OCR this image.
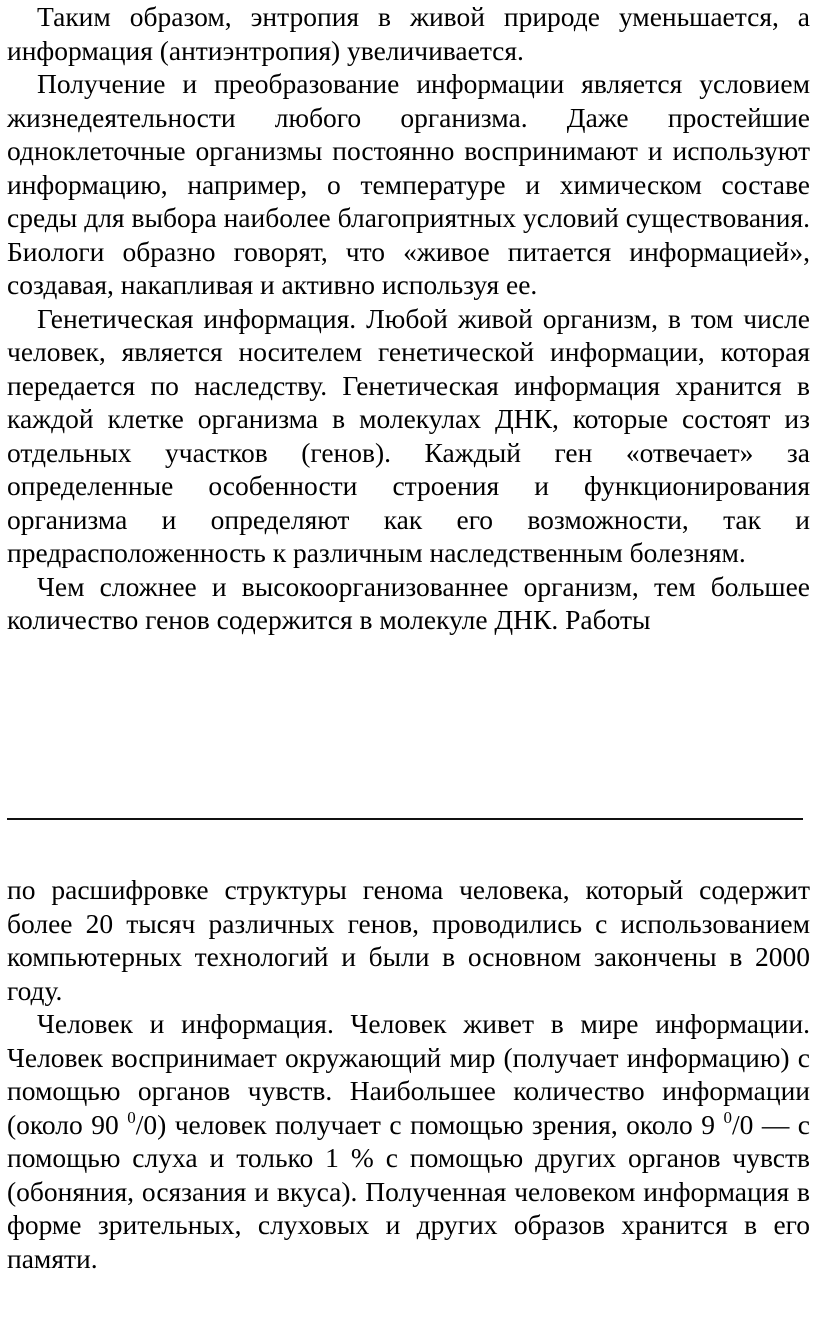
Таким образом, энтропия в живой природе уменьшается, а информация (антиэнтропия) увеличивается.

Получение и преобразование информации является условием жизнедеятельности любого организма. Даже простейшие одноклеточные организмы постоянно воспринимают и используют информацию, например, о температуре и химическом составе среды для выбора наиболее благоприятных условий существования. Биологи образно говорят, что «живое питается информацией», создавая, накапливая и активно используя ее.

Генетическая информация. Любой живой организм, в том числе человек, является носителем генетической информации, которая передается по наследству. Генетическая информация хранится в каждой клетке организма в молекулах ДНК, которые состоят из отдельных участков (генов). Каждый ген «отвечает» за определенные особенности строения и функционирования организма и определяют как его возможности, так и предрасположенность к различным наследственным болезням.

Чем сложнее и высокоорганизованнее организм, тем большее количество генов содержится в молекуле ДНК. Работы

по расшифровке структуры генома человека, который содержит более 20 тысяч различных генов, проводились с использованием компьютерных технологий и были в основном закончены в 2000 году.

Человек и информация. Человек живет в мире информации. Человек воспринимает окружающий мир (получает информацию) с помощью органов чувств. Наибольшее количество информации (около 90 $^0$/0) человек получает с помощью зрения, около 9 $^0$/0 — с помощью слуха и только 1 % с помощью других органов чувств (обоняния, осязания и вкуса). Полученная человеком информация в форме зрительных, слуховых и других образов хранится в его памяти.
